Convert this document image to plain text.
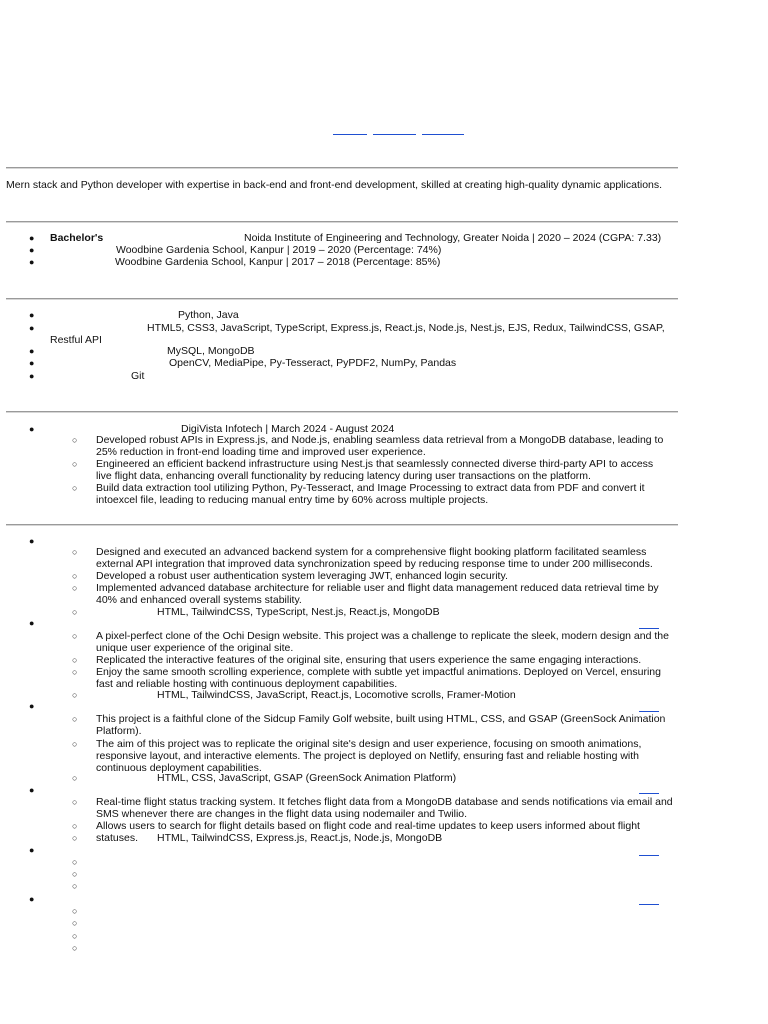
Mern stack and Python developer with expertise in back-end and front-end development, skilled at creating high-quality dynamic applications.
● Bachelor's	Noida Institute of Engineering and Technology, Greater Noida | 2020 – 2024 (CGPA: 7.33)
●	Woodbine Gardenia School, Kanpur | 2019 – 2020 (Percentage: 74%)
●	Woodbine Gardenia School, Kanpur | 2017 – 2018 (Percentage: 85%)
●	Python, Java
●	HTML5, CSS3, JavaScript, TypeScript, Express.js, React.js, Node.js, Nest.js, EJS, Redux, TailwindCSS, GSAP,
Restful API
●	MySQL, MongoDB
●	OpenCV, MediaPipe, Py-Tesseract, PyPDF2, NumPy, Pandas
●	Git
●	DigiVista Infotech | March 2024 - August 2024
○ Developed robust APIs in Express.js, and Node.js, enabling seamless data retrieval from a MongoDB database, leading to 25% reduction in front-end loading time and improved user experience.
○ Engineered an efficient backend infrastructure using Nest.js that seamlessly connected diverse third-party API to access live flight data, enhancing overall functionality by reducing latency during user transactions on the platform.
○ Build data extraction tool utilizing Python, Py-Tesseract, and Image Processing to extract data from PDF and convert it intoexcel file, leading to reducing manual entry time by 60% across multiple projects.
●
○ Designed and executed an advanced backend system for a comprehensive flight booking platform facilitated seamless external API integration that improved data synchronization speed by reducing response time to under 200 milliseconds.
○ Developed a robust user authentication system leveraging JWT, enhanced login security.
○ Implemented advanced database architecture for reliable user and flight data management reduced data retrieval time by 40% and enhanced overall systems stability.
○	HTML, TailwindCSS, TypeScript, Nest.js, React.js, MongoDB
●
○ A pixel-perfect clone of the Ochi Design website. This project was a challenge to replicate the sleek, modern design and the unique user experience of the original site.
○ Replicated the interactive features of the original site, ensuring that users experience the same engaging interactions.
○ Enjoy the same smooth scrolling experience, complete with subtle yet impactful animations. Deployed on Vercel, ensuring fast and reliable hosting with continuous deployment capabilities.
○	HTML, TailwindCSS, JavaScript, React.js, Locomotive scrolls, Framer-Motion
●
○ This project is a faithful clone of the Sidcup Family Golf website, built using HTML, CSS, and GSAP (GreenSock Animation Platform).
○ The aim of this project was to replicate the original site's design and user experience, focusing on smooth animations, responsive layout, and interactive elements. The project is deployed on Netlify, ensuring fast and reliable hosting with continuous deployment capabilities.
○	HTML, CSS, JavaScript, GSAP (GreenSock Animation Platform)
●
○ Real-time flight status tracking system. It fetches flight data from a MongoDB database and sends notifications via email and SMS whenever there are changes in the flight data using nodemailer and Twilio.
○ Allows users to search for flight details based on flight code and real-time updates to keep users informed about flight statuses.
○	HTML, TailwindCSS, Express.js, React.js, Node.js, MongoDB
●
○
○
○
●
○
○
○
○
